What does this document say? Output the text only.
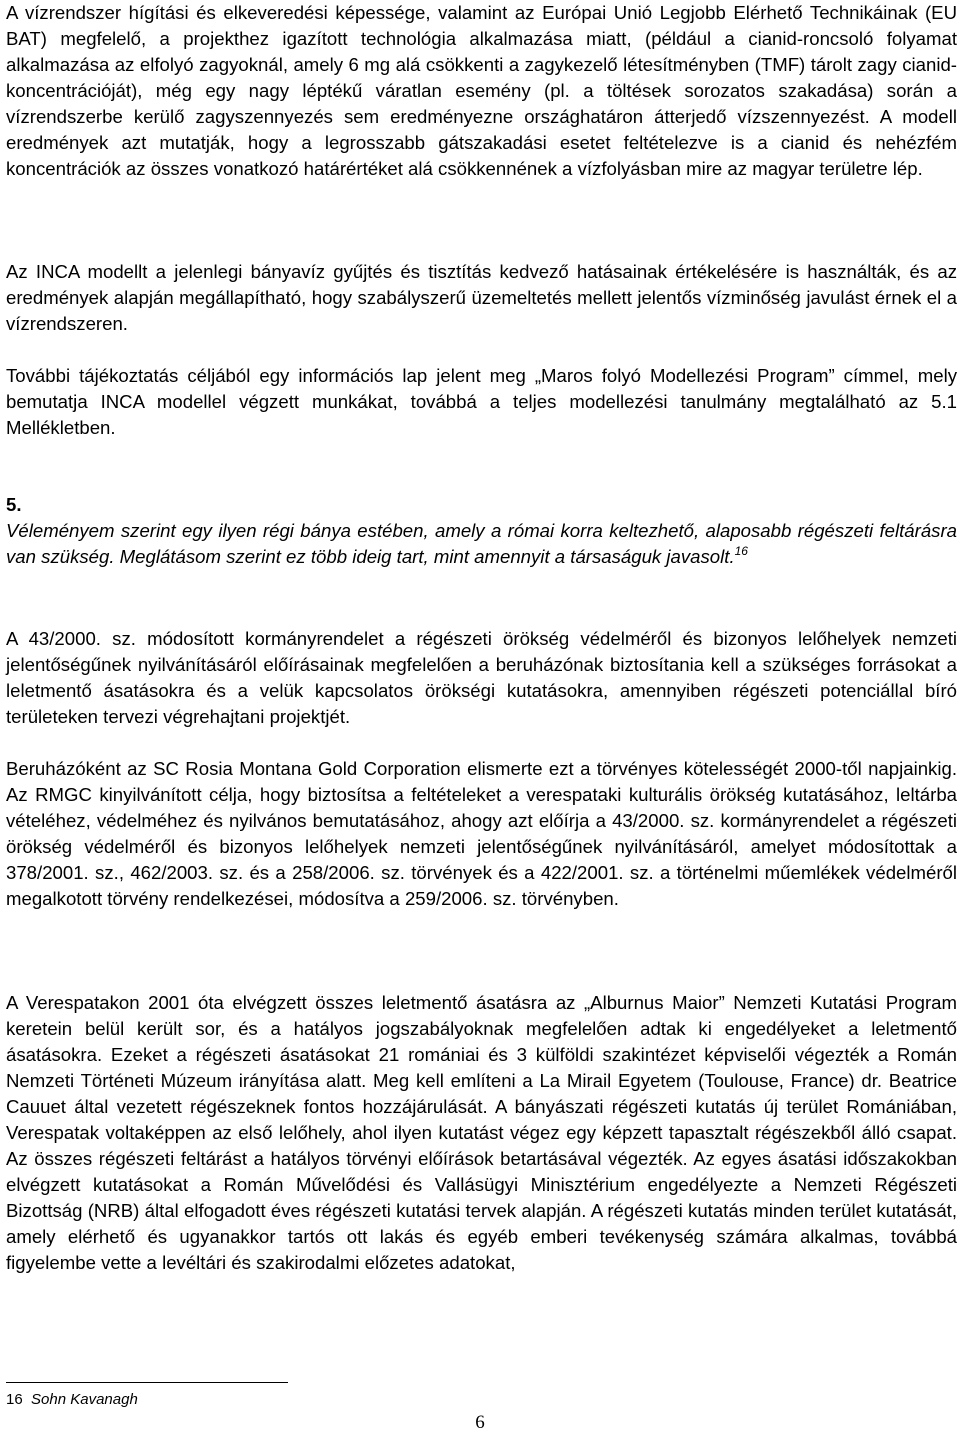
A vízrendszer hígítási és elkeveredési képessége, valamint az Európai Unió Legjobb Elérhető Technikáinak (EU BAT) megfelelő, a projekthez igazított technológia alkalmazása miatt, (például a cianid-roncsoló folyamat alkalmazása az elfolyó zagyoknál, amely 6 mg alá csökkenti a zagykezelő létesítményben (TMF) tárolt zagy cianid-koncentrációját), még egy nagy léptékű váratlan esemény (pl. a töltések sorozatos szakadása) során a vízrendszerbe kerülő zagyszennyezés sem eredményezne országhatáron átterjedő vízszennyezést. A modell eredmények azt mutatják, hogy a legrosszabb gátszakadási esetet feltételezve is a cianid és nehézfém koncentrációk az összes vonatkozó határértéket alá csökkennének a vízfolyásban mire az magyar területre lép.

Az INCA modellt a jelenlegi bányavíz gyűjtés és tisztítás kedvező hatásainak értékelésére is használták, és az eredmények alapján megállapítható, hogy szabályszerű üzemeltetés mellett jelentős vízminőség javulást érnek el a vízrendszeren.

További tájékoztatás céljából egy információs lap jelent meg „Maros folyó Modellezési Program” címmel, mely bemutatja INCA modellel végzett munkákat, továbbá a teljes modellezési tanulmány megtalálható az 5.1 Mellékletben.

5.

Véleményem szerint egy ilyen régi bánya estében, amely a római korra keltezhető, alaposabb régészeti feltárásra van szükség. Meglátásom szerint ez több ideig tart, mint amennyit a társaságuk javasolt.$^{16}$

A 43/2000. sz. módosított kormányrendelet a régészeti örökség védelméről és bizonyos lelőhelyek nemzeti jelentőségűnek nyilvánításáról előírásainak megfelelően a beruházónak biztosítania kell a szükséges forrásokat a leletmentő ásatásokra és a velük kapcsolatos örökségi kutatásokra, amennyiben régészeti potenciállal bíró területeken tervezi végrehajtani projektjét.

Beruházóként az SC Rosia Montana Gold Corporation elismerte ezt a törvényes kötelességét 2000-től napjainkig. Az RMGC kinyilvánított célja, hogy biztosítsa a feltételeket a verespataki kulturális örökség kutatásához, leltárba vételéhez, védelméhez és nyilvános bemutatásához, ahogy azt előírja a 43/2000. sz. kormányrendelet a régészeti örökség védelméről és bizonyos lelőhelyek nemzeti jelentőségűnek nyilvánításáról, amelyet módosítottak a 378/2001. sz., 462/2003. sz. és a 258/2006. sz. törvények és a 422/2001. sz. a történelmi műemlékek védelméről megalkotott törvény rendelkezései, módosítva a 259/2006. sz. törvényben.

A Verespatakon 2001 óta elvégzett összes leletmentő ásatásra az „Alburnus Maior” Nemzeti Kutatási Program keretein belül került sor, és a hatályos jogszabályoknak megfelelően adtak ki engedélyeket a leletmentő ásatásokra. Ezeket a régészeti ásatásokat 21 romániai és 3 külföldi szakintézet képviselői végezték a Román Nemzeti Történeti Múzeum irányítása alatt. Meg kell említeni a La Mirail Egyetem (Toulouse, France) dr. Beatrice Cauuet által vezetett régészeknek fontos hozzájárulását. A bányászati régészeti kutatás új terület Romániában, Verespatak voltaképpen az első lelőhely, ahol ilyen kutatást végez egy képzett tapasztalt régészekből álló csapat. Az összes régészeti feltárást a hatályos törvényi előírások betartásával végezték. Az egyes ásatási időszakokban elvégzett kutatásokat a Román Művelődési és Vallásügyi Minisztérium engedélyezte a Nemzeti Régészeti Bizottság (NRB) által elfogadott éves régészeti kutatási tervek alapján. A régészeti kutatás minden terület kutatását, amely elérhető és ugyanakkor tartós ott lakás és egyéb emberi tevékenység számára alkalmas, továbbá figyelembe vette a levéltári és szakirodalmi előzetes adatokat,

16 Sohn Kavanagh
6
